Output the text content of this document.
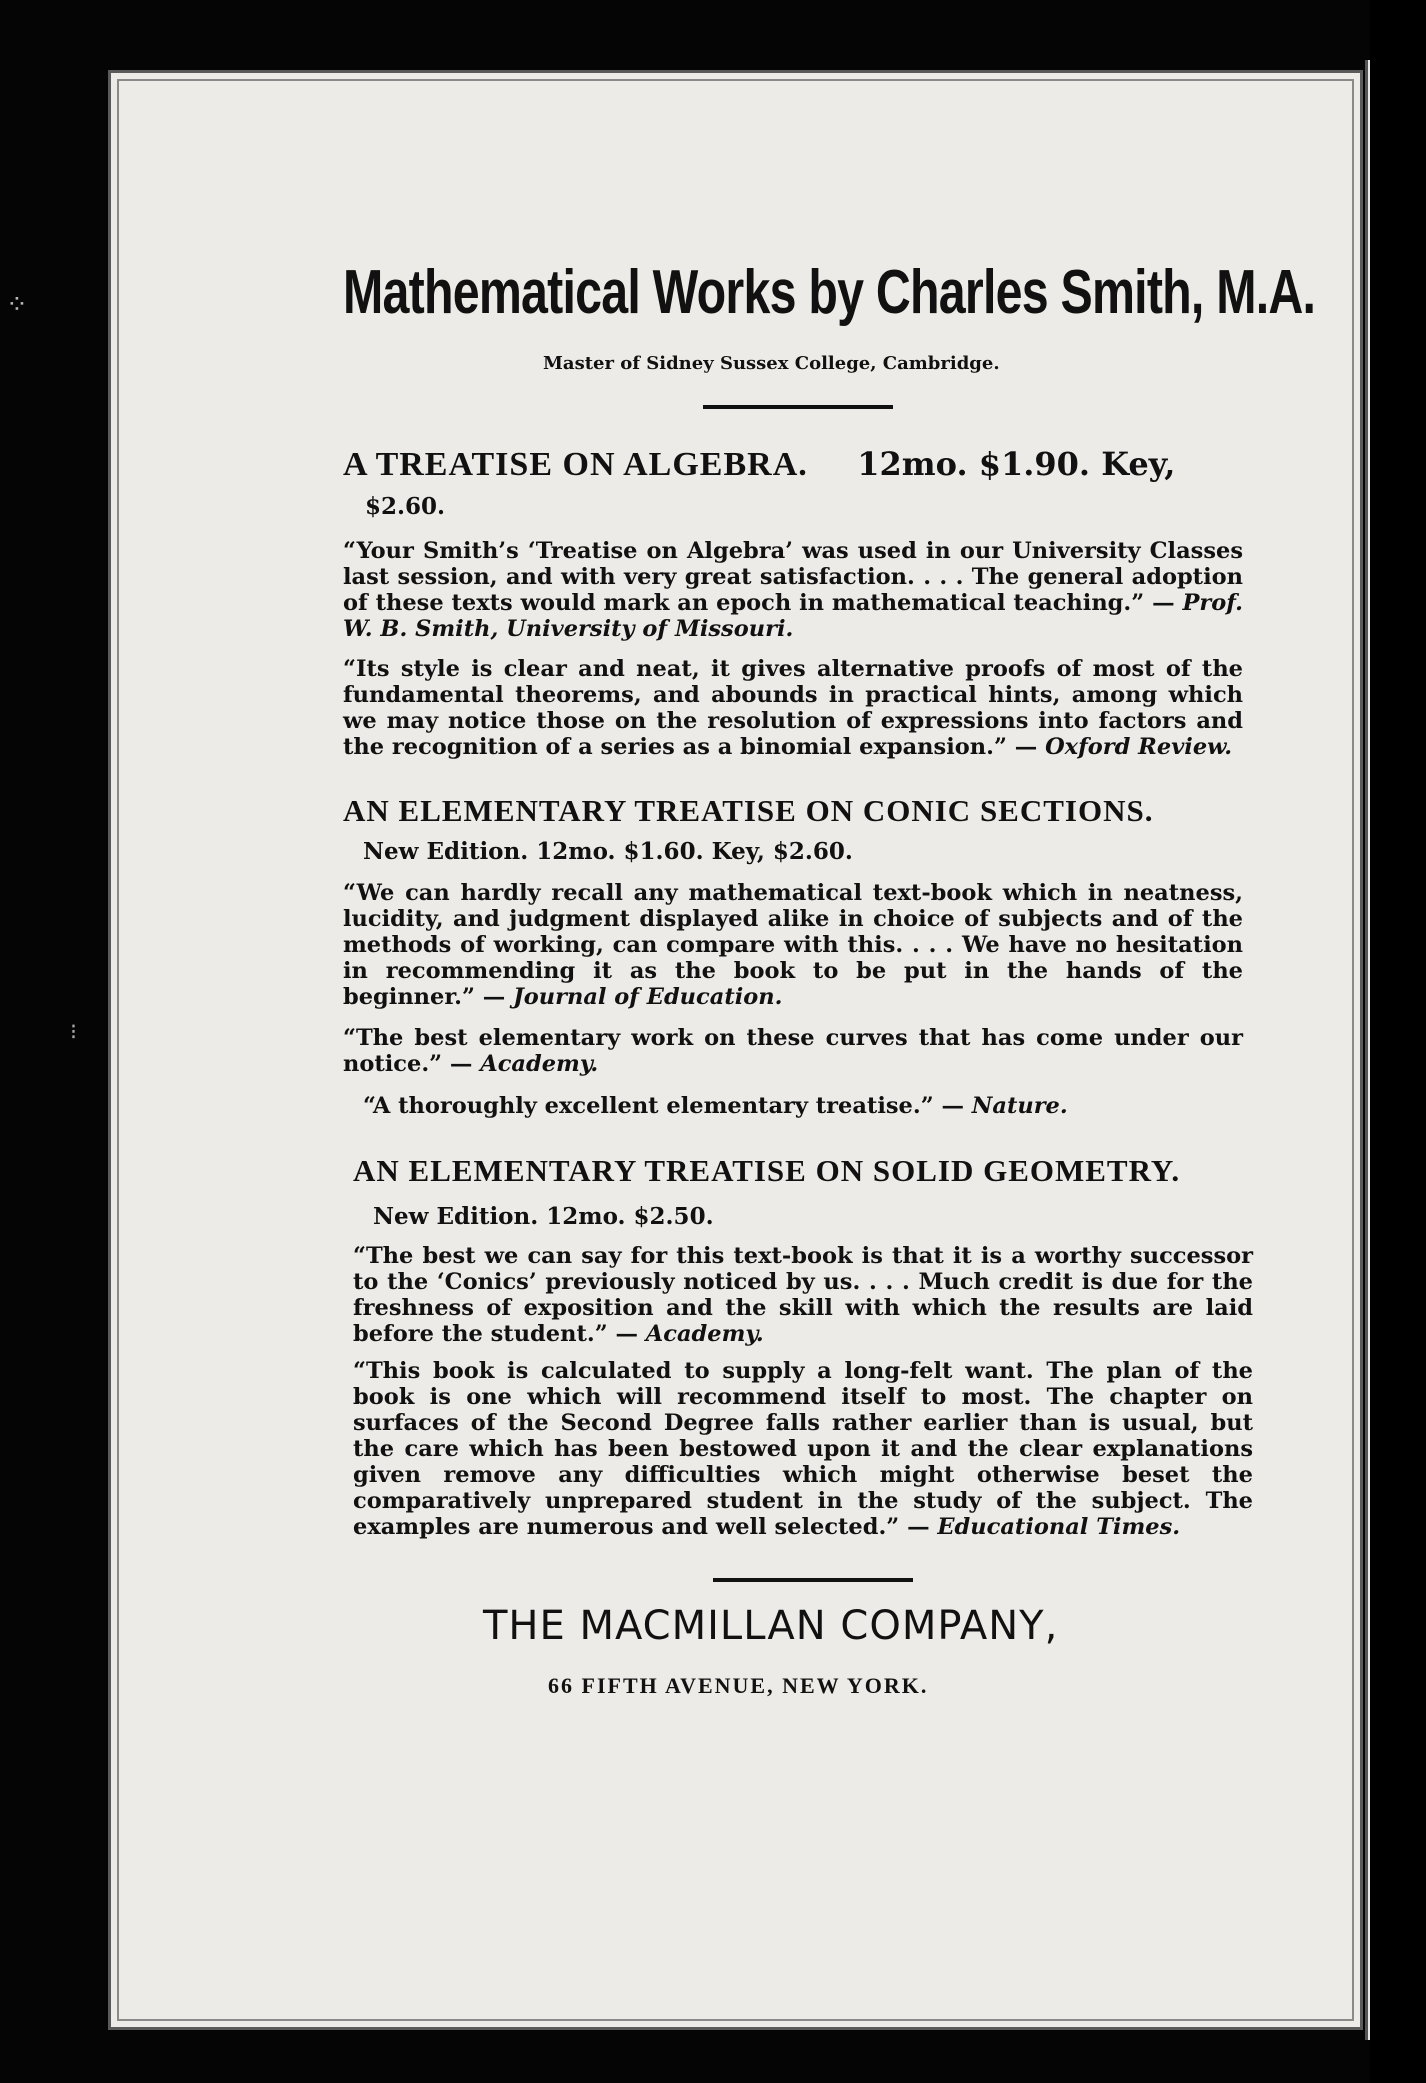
⁘
⁝
Mathematical Works by Charles Smith, M.A.
Master of Sidney Sussex College, Cambridge.
A TREATISE ON ALGEBRA. 12mo. $1.90. Key,
$2.60.
“Your Smith’s ‘Treatise on Algebra’ was used in our University Classes last session, and with very great satisfaction. . . . The general adoption of these texts would mark an epoch in mathematical teaching.” — Prof. W. B. Smith, University of Missouri.
“Its style is clear and neat, it gives alternative proofs of most of the fundamental theorems, and abounds in practical hints, among which we may notice those on the resolution of expressions into factors and the recognition of a series as a binomial expansion.” — Oxford Review.
AN ELEMENTARY TREATISE ON CONIC SECTIONS.
New Edition. 12mo. $1.60. Key, $2.60.
“We can hardly recall any mathematical text-book which in neatness, lucidity, and judgment displayed alike in choice of subjects and of the methods of working, can compare with this. . . . We have no hesitation in recommending it as the book to be put in the hands of the beginner.” — Journal of Education.
“The best elementary work on these curves that has come under our notice.” — Academy.
“A thoroughly excellent elementary treatise.” — Nature.
AN ELEMENTARY TREATISE ON SOLID GEOMETRY.
New Edition. 12mo. $2.50.
“The best we can say for this text-book is that it is a worthy successor to the ‘Conics’ previously noticed by us. . . . Much credit is due for the freshness of exposition and the skill with which the results are laid before the student.” — Academy.
“This book is calculated to supply a long-felt want. The plan of the book is one which will recommend itself to most. The chapter on surfaces of the Second Degree falls rather earlier than is usual, but the care which has been bestowed upon it and the clear explanations given remove any difficulties which might otherwise beset the comparatively unprepared student in the study of the subject. The examples are numerous and well selected.” — Educational Times.
THE MACMILLAN COMPANY,
66 FIFTH AVENUE, NEW YORK.
